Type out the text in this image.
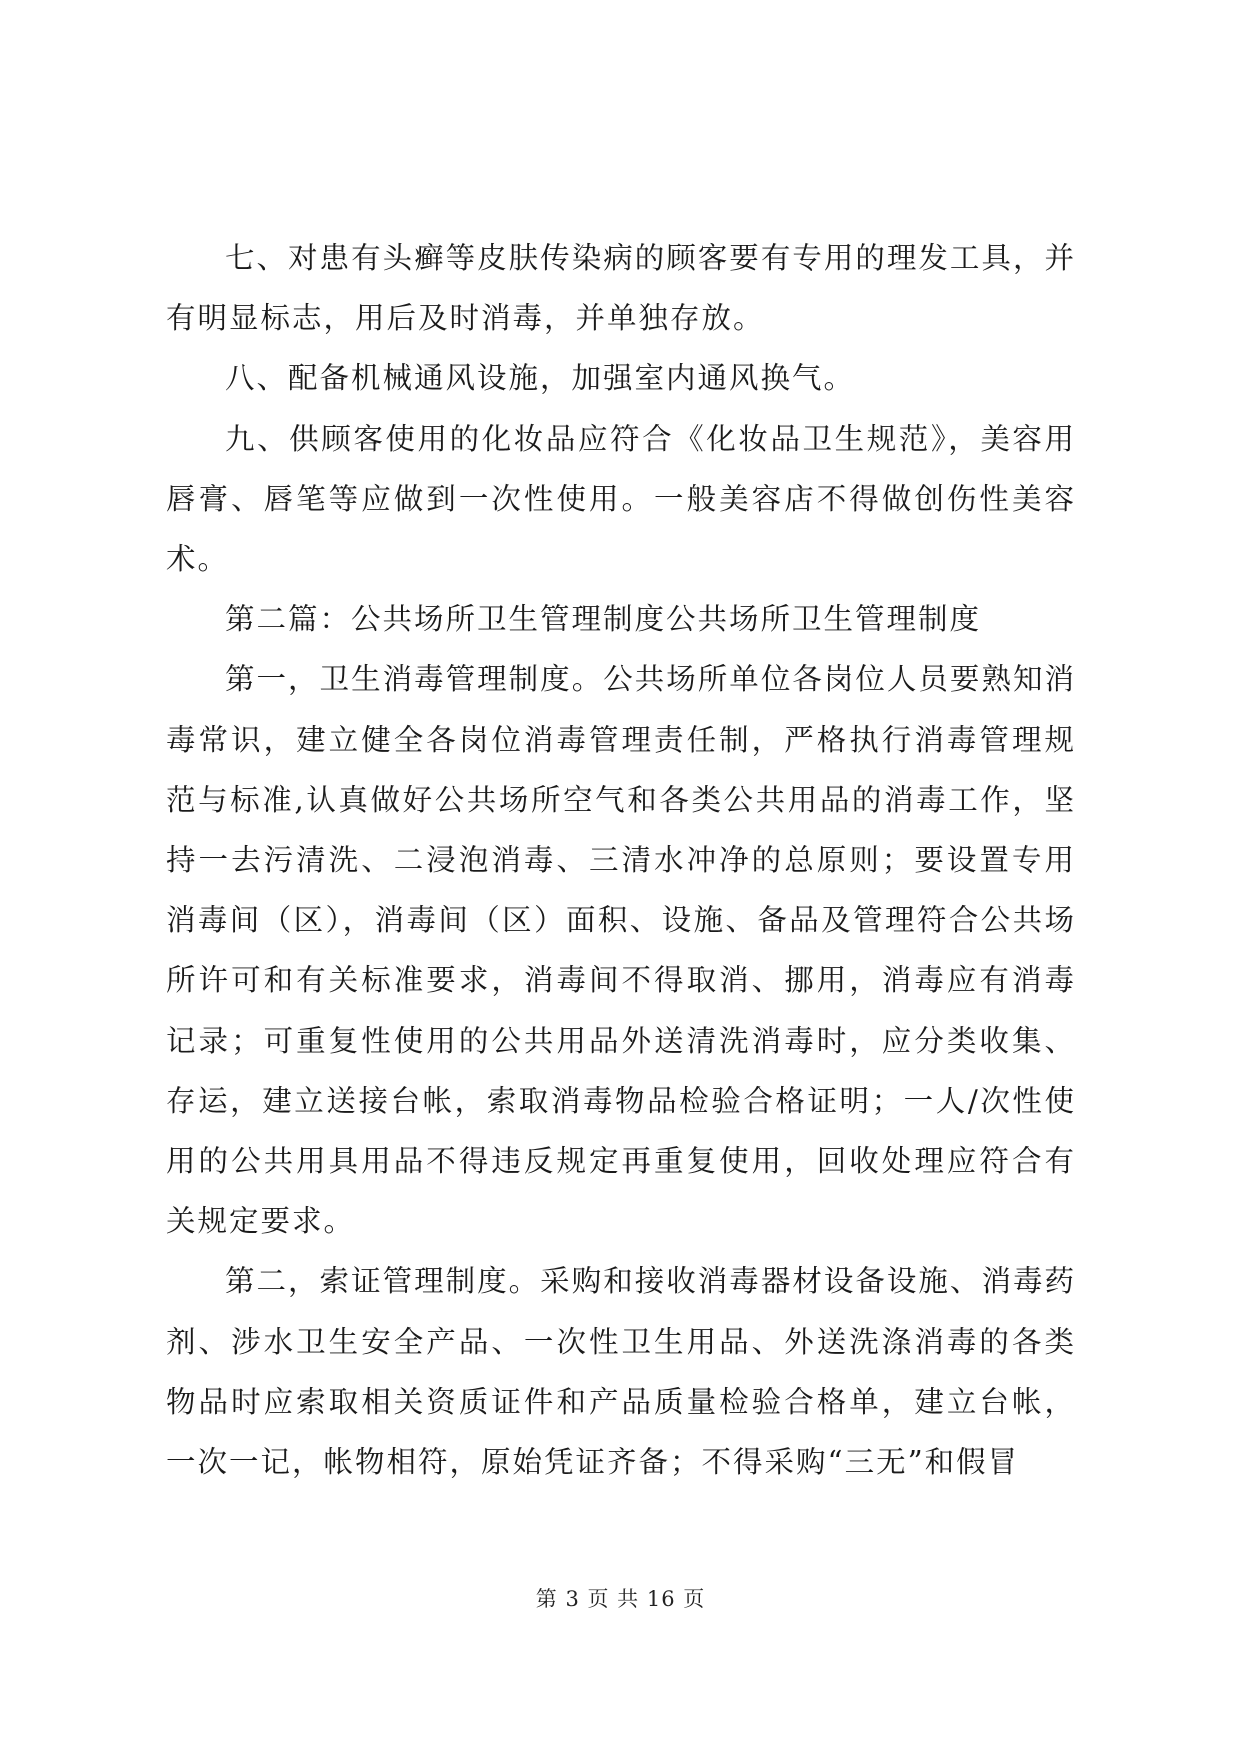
七、对患有头癣等皮肤传染病的顾客要有专用的理发工具，并有明显标志，用后及时消毒，并单独存放。

八、配备机械通风设施，加强室内通风换气。

九、供顾客使用的化妆品应符合《化妆品卫生规范》，美容用唇膏、唇笔等应做到一次性使用。一般美容店不得做创伤性美容术。

第二篇：公共场所卫生管理制度公共场所卫生管理制度

第一，卫生消毒管理制度。公共场所单位各岗位人员要熟知消毒常识，建立健全各岗位消毒管理责任制，严格执行消毒管理规范与标准,认真做好公共场所空气和各类公共用品的消毒工作，坚持一去污清洗、二浸泡消毒、三清水冲净的总原则；要设置专用消毒间（区），消毒间（区）面积、设施、备品及管理符合公共场所许可和有关标准要求，消毒间不得取消、挪用，消毒应有消毒记录；可重复性使用的公共用品外送清洗消毒时，应分类收集、存运，建立送接台帐，索取消毒物品检验合格证明；一人/次性使用的公共用具用品不得违反规定再重复使用，回收处理应符合有关规定要求。

第二，索证管理制度。采购和接收消毒器材设备设施、消毒药剂、涉水卫生安全产品、一次性卫生用品、外送洗涤消毒的各类物品时应索取相关资质证件和产品质量检验合格单，建立台帐，一次一记，帐物相符，原始凭证齐备；不得采购“三无”和假冒

第 3 页 共 16 页
